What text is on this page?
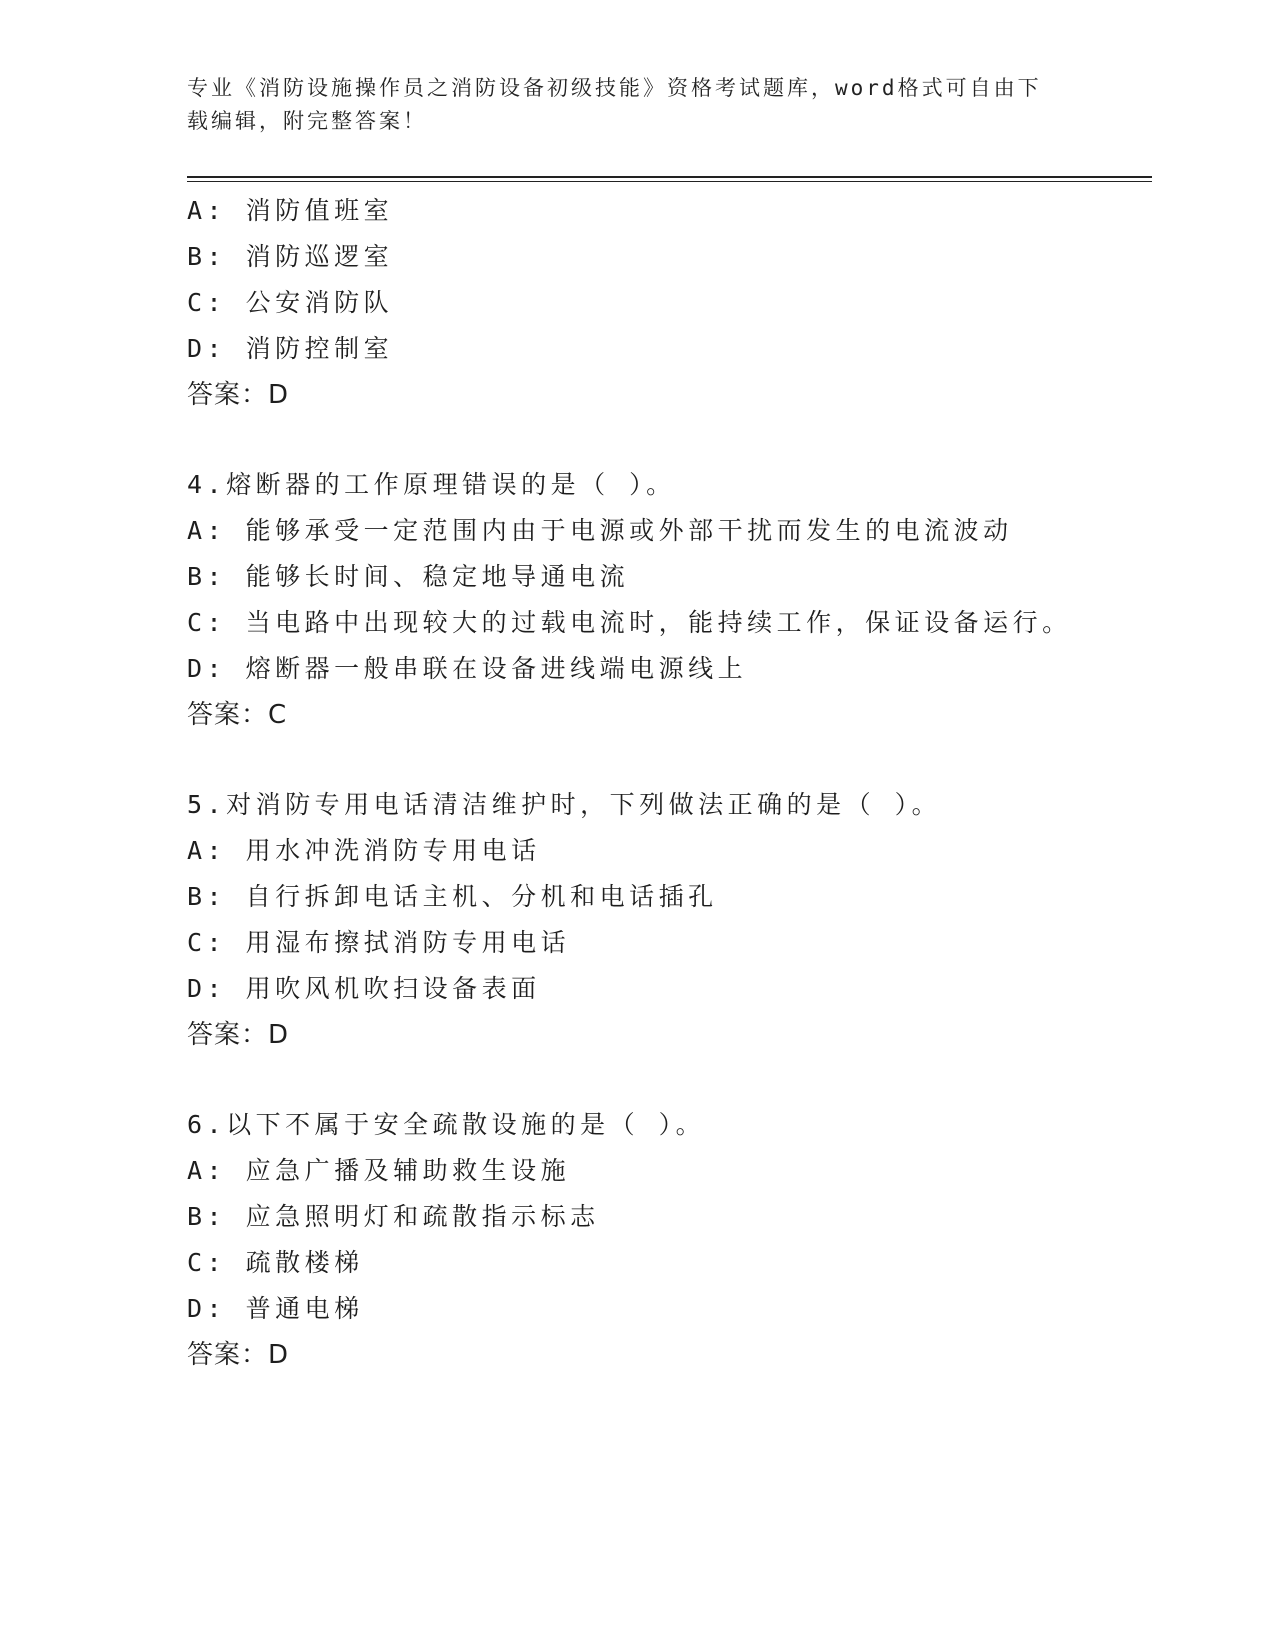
专业《消防设施操作员之消防设备初级技能》资格考试题库，word格式可自由下
载编辑，附完整答案！
A: 消防值班室
B: 消防巡逻室
C: 公安消防队
D: 消防控制室
答案：D
4.熔断器的工作原理错误的是（ ）。
A: 能够承受一定范围内由于电源或外部干扰而发生的电流波动
B: 能够长时间、稳定地导通电流
C: 当电路中出现较大的过载电流时，能持续工作，保证设备运行。
D: 熔断器一般串联在设备进线端电源线上
答案：C
5.对消防专用电话清洁维护时，下列做法正确的是（ ）。
A: 用水冲洗消防专用电话
B: 自行拆卸电话主机、分机和电话插孔
C: 用湿布擦拭消防专用电话
D: 用吹风机吹扫设备表面
答案：D
6.以下不属于安全疏散设施的是（ ）。
A: 应急广播及辅助救生设施
B: 应急照明灯和疏散指示标志
C: 疏散楼梯
D: 普通电梯
答案：D
